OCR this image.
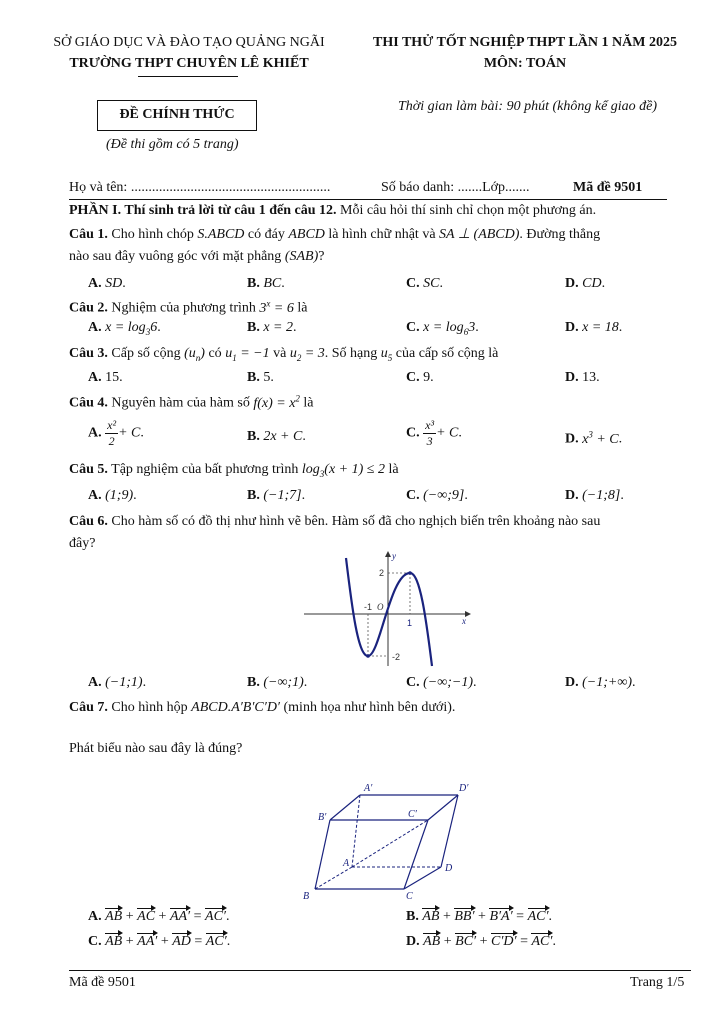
SỞ GIÁO DỤC VÀ ĐÀO TẠO QUẢNG NGÃI
TRƯỜNG THPT CHUYÊN LÊ KHIẾT
THI THỬ TỐT NGHIỆP THPT LẦN 1 NĂM 2025
MÔN: TOÁN
ĐỀ CHÍNH THỨC
(Đề thi gồm có 5 trang)
Thời gian làm bài: 90 phút (không kể giao đề)
Họ và tên: .........................................................	Số báo danh: .......Lớp.......	Mã đề 9501
PHẦN I. Thí sinh trả lời từ câu 1 đến câu 12. Mỗi câu hỏi thí sinh chỉ chọn một phương án.
Câu 1. Cho hình chóp S.ABCD có đáy ABCD là hình chữ nhật và SA ⊥ (ABCD). Đường thẳng
nào sau đây vuông góc với mặt phẳng (SAB)?
A. SD.	B. BC.	C. SC.	D. CD.
Câu 2. Nghiệm của phương trình $3^x = 6$ là
A. $x = \log_36$.	B. x = 2.	C. $x = \log_63$.	D. x = 18.
Câu 3. Cấp số cộng $(u_n)$ có $u_1 = -1$ và $u_2 = 3$. Số hạng $u_5$ của cấp số cộng là
A. 15.	B. 5.	C. 9.	D. 13.
Câu 4. Nguyên hàm của hàm số $f(x) = x^2$ là
A. $\frac{\text{x²}}{2} + C$.	B. 2x + C.	C. $\frac{\text{x³}}{3} + C$.	D. $x^3 + C$.
Câu 5. Tập nghiệm của bất phương trình $\log_3(x + 1) \le 2$ là
A. (1;9).	B. (−1;7].	C. (−∞;9].	D. (−1;8].
Câu 6. Cho hàm số có đồ thị như hình vẽ bên. Hàm số đã cho nghịch biến trên khoảng nào sau
đây?
y
x
O
-1
1
2
-2
A. (−1;1).	B. (−∞;1).	C. (−∞;−1).	D. (−1;+∞).
Câu 7. Cho hình hộp ABCD.A′B′C′D′ (minh họa như hình bên dưới).
Phát biểu nào sau đây là đúng?
A′	D′
B′	C′
A	D
B	C
A. AB + AC + AA′ = AC′.	B. AB + BB′ + B′A′ = AC′.
C. AB + AA′ + AD = AC′.	D. AB + BC′ + C′D′ = AC′.
Mã đề 9501	Trang 1/5
